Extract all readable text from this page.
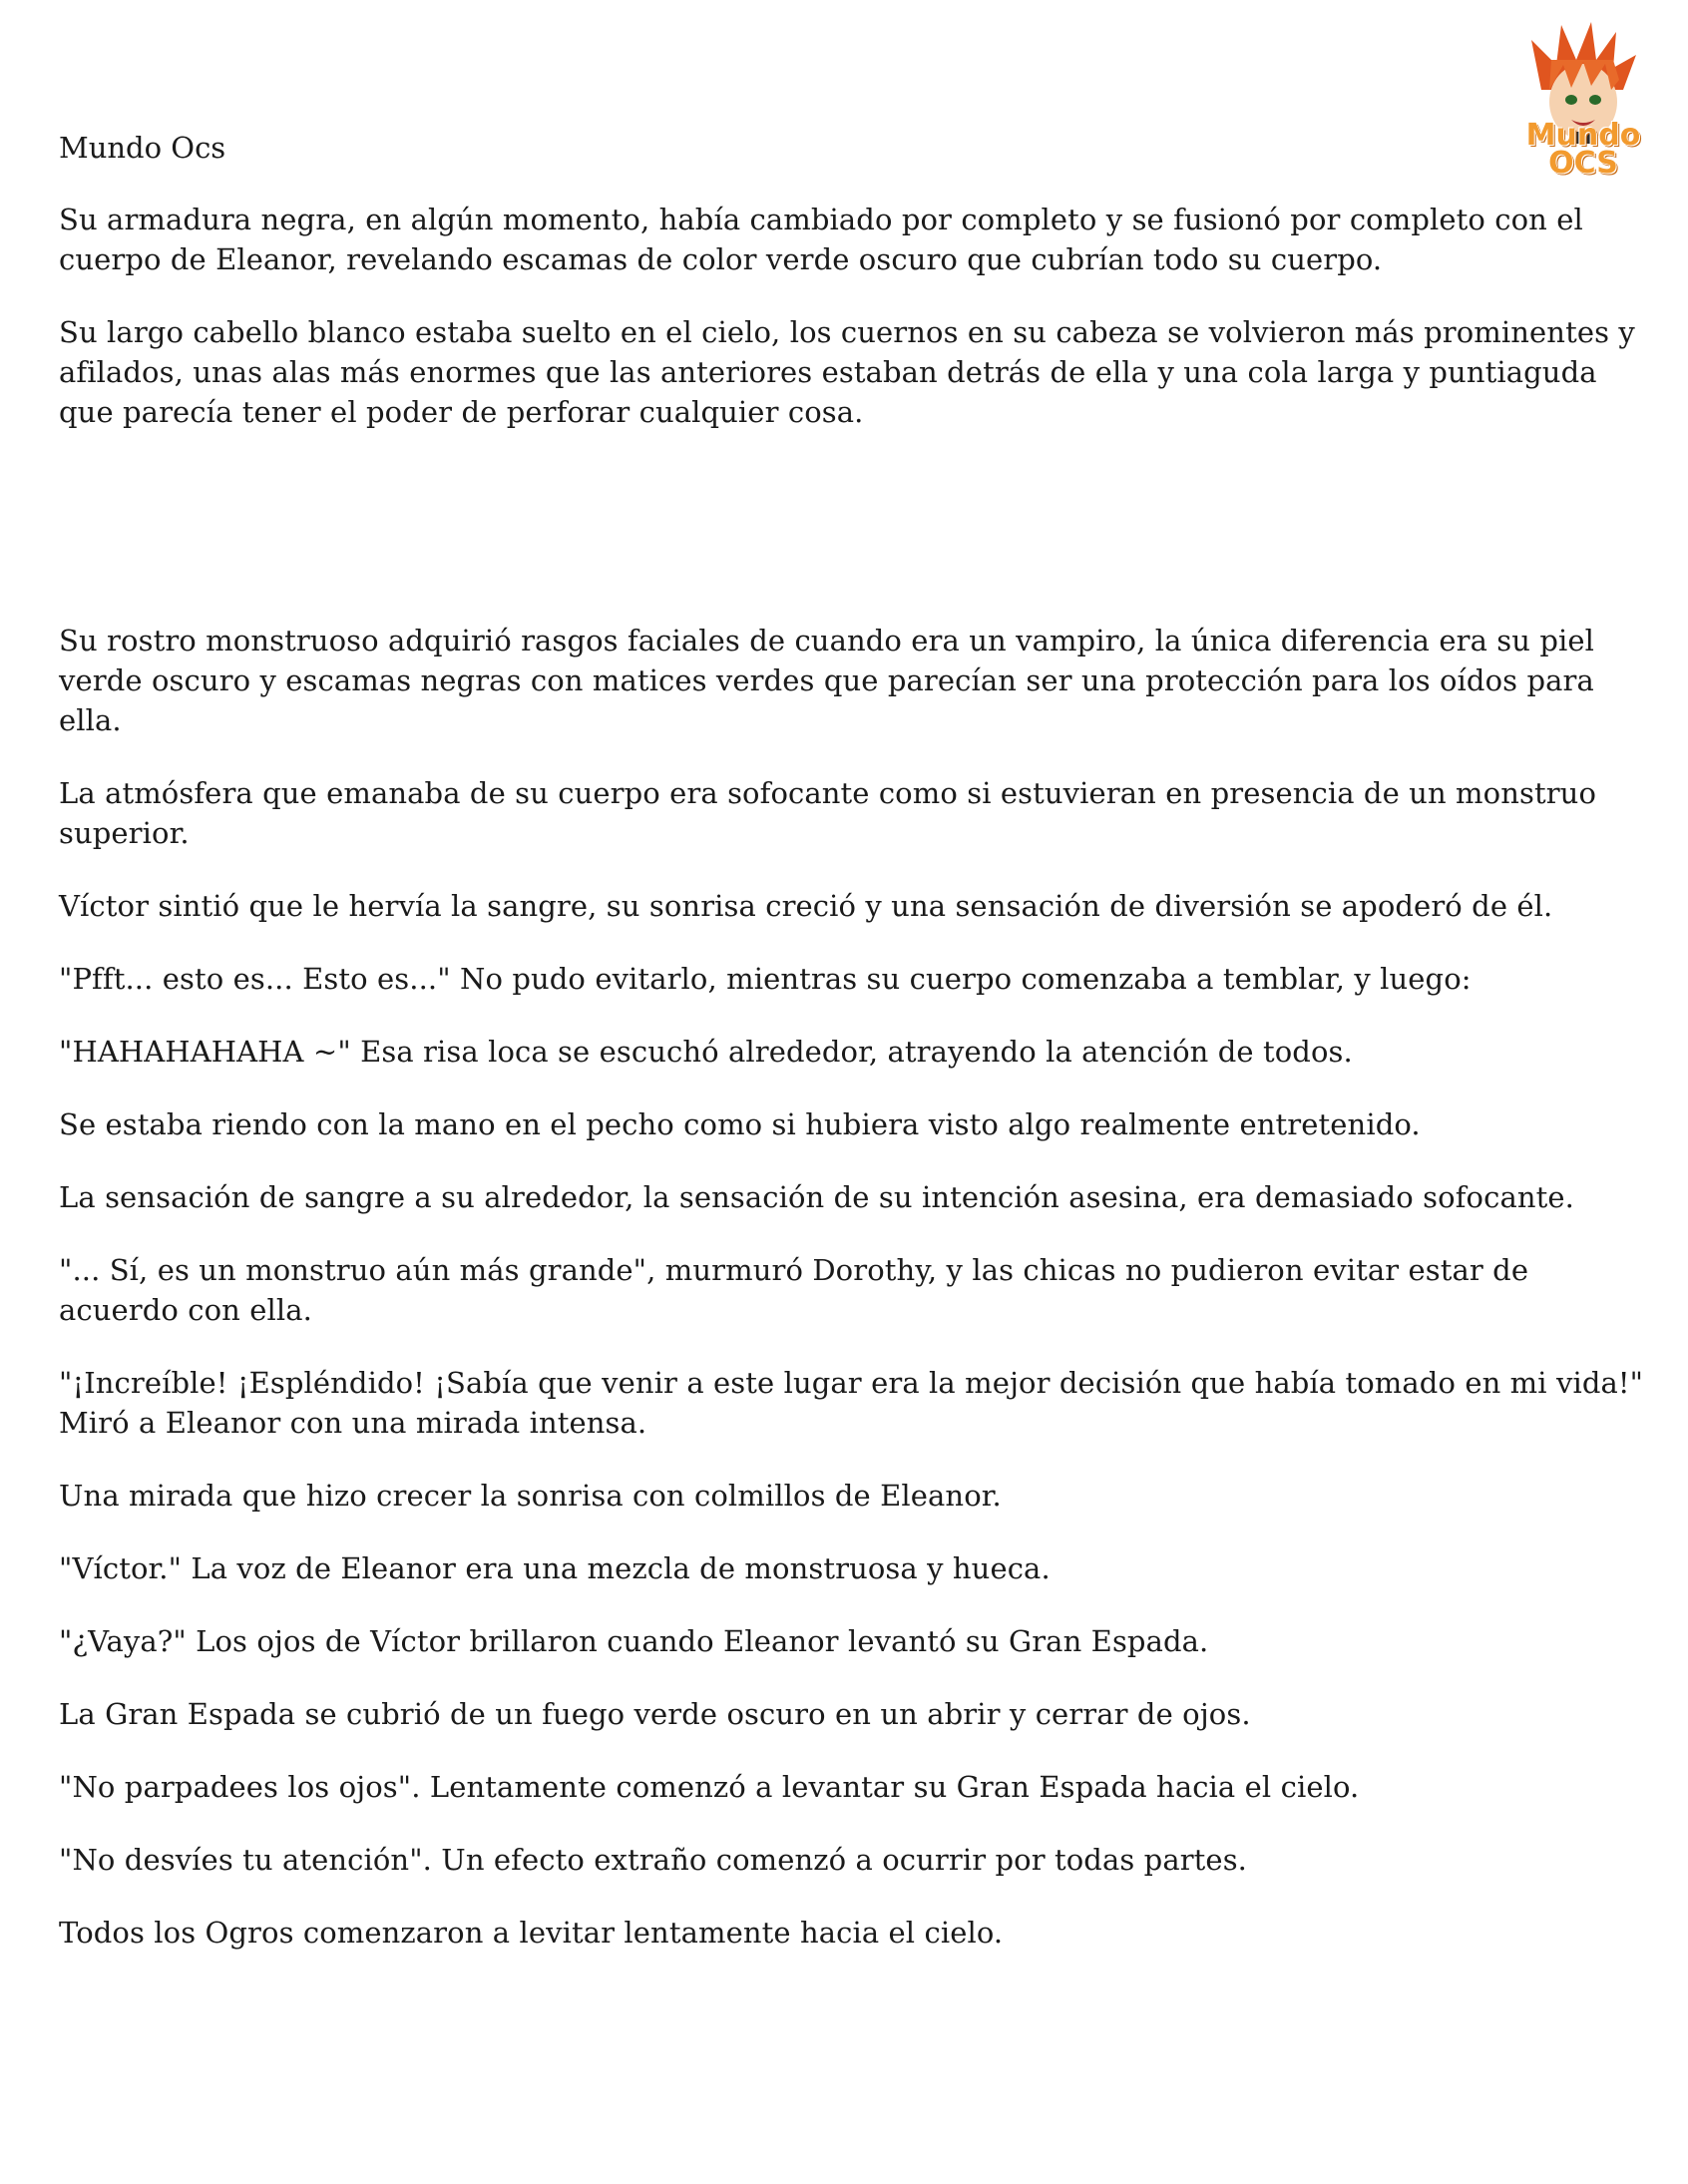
Mundo
OCS
Mundo Ocs

Su armadura negra, en algún momento, había cambiado por completo y se fusionó por completo con el cuerpo de Eleanor, revelando escamas de color verde oscuro que cubrían todo su cuerpo.

Su largo cabello blanco estaba suelto en el cielo, los cuernos en su cabeza se volvieron más prominentes y afilados, unas alas más enormes que las anteriores estaban detrás de ella y una cola larga y puntiaguda que parecía tener el poder de perforar cualquier cosa.

Su rostro monstruoso adquirió rasgos faciales de cuando era un vampiro, la única diferencia era su piel verde oscuro y escamas negras con matices verdes que parecían ser una protección para los oídos para ella.

La atmósfera que emanaba de su cuerpo era sofocante como si estuvieran en presencia de un monstruo superior.

Víctor sintió que le hervía la sangre, su sonrisa creció y una sensación de diversión se apoderó de él.

"Pfft... esto es... Esto es..." No pudo evitarlo, mientras su cuerpo comenzaba a temblar, y luego:

"HAHAHAHAHA ~" Esa risa loca se escuchó alrededor, atrayendo la atención de todos.

Se estaba riendo con la mano en el pecho como si hubiera visto algo realmente entretenido.

La sensación de sangre a su alrededor, la sensación de su intención asesina, era demasiado sofocante.

"... Sí, es un monstruo aún más grande", murmuró Dorothy, y las chicas no pudieron evitar estar de acuerdo con ella.

"¡Increíble! ¡Espléndido! ¡Sabía que venir a este lugar era la mejor decisión que había tomado en mi vida!" Miró a Eleanor con una mirada intensa.

Una mirada que hizo crecer la sonrisa con colmillos de Eleanor.

"Víctor." La voz de Eleanor era una mezcla de monstruosa y hueca.

"¿Vaya?" Los ojos de Víctor brillaron cuando Eleanor levantó su Gran Espada.

La Gran Espada se cubrió de un fuego verde oscuro en un abrir y cerrar de ojos.

"No parpadees los ojos". Lentamente comenzó a levantar su Gran Espada hacia el cielo.

"No desvíes tu atención". Un efecto extraño comenzó a ocurrir por todas partes.

Todos los Ogros comenzaron a levitar lentamente hacia el cielo.
